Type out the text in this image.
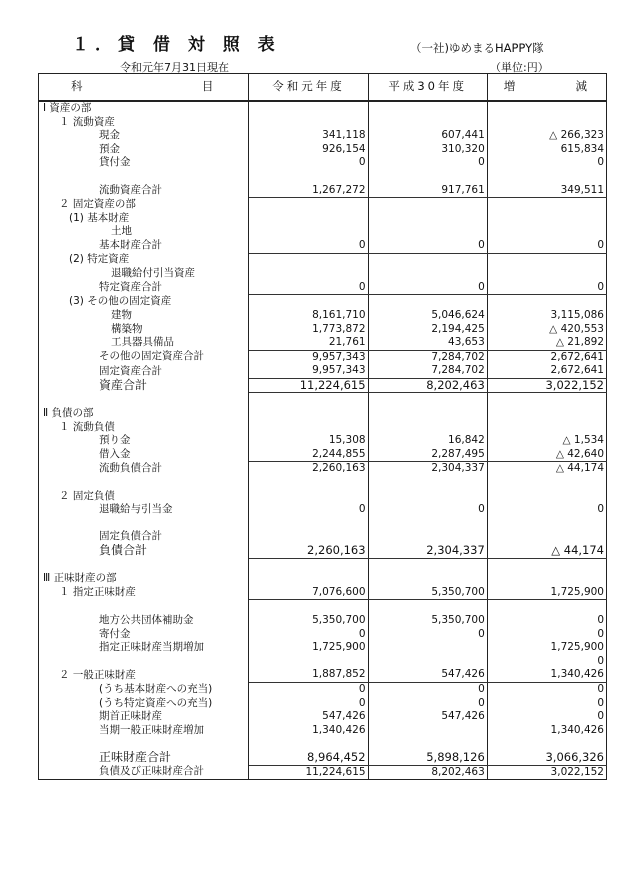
１．貸 借 対 照 表	（一社)ゆめまるHAPPY隊
令和元年7月31日現在	（単位:円）
科 目	令和元年度	平成30年度	増 減

Ⅰ 資産の部			
１ 流動資産			
現金	341,118	607,441	△ 266,323
預金	926,154	310,320	615,834
貸付金	0	0	0

流動資産合計	1,267,272	917,761	349,511
２ 固定資産の部			
(1) 基本財産			
土地			
基本財産合計	0	0	0
(2) 特定資産			
退職給付引当資産			
特定資産合計	0	0	0
(3) その他の固定資産			
建物	8,161,710	5,046,624	3,115,086
構築物	1,773,872	2,194,425	△ 420,553
工具器具備品	21,761	43,653	△ 21,892
その他の固定資産合計	9,957,343	7,284,702	2,672,641
固定資産合計	9,957,343	7,284,702	2,672,641
資産合計	11,224,615	8,202,463	3,022,152

Ⅱ 負債の部			
１ 流動負債			
預り金	15,308	16,842	△ 1,534
借入金	2,244,855	2,287,495	△ 42,640
流動負債合計	2,260,163	2,304,337	△ 44,174

２ 固定負債			
退職給与引当金	0	0	0

固定負債合計			
負債合計	2,260,163	2,304,337	△ 44,174

Ⅲ 正味財産の部			
１ 指定正味財産	7,076,600	5,350,700	1,725,900

地方公共団体補助金	5,350,700	5,350,700	0
寄付金	0	0	0
指定正味財産当期増加	1,725,900		1,725,900
			0
２ 一般正味財産	1,887,852	547,426	1,340,426
(うち基本財産への充当)	0	0	0
(うち特定資産への充当)	0	0	0
期首正味財産	547,426	547,426	0
当期一般正味財産増加	1,340,426		1,340,426

正味財産合計	8,964,452	5,898,126	3,066,326
負債及び正味財産合計	11,224,615	8,202,463	3,022,152
